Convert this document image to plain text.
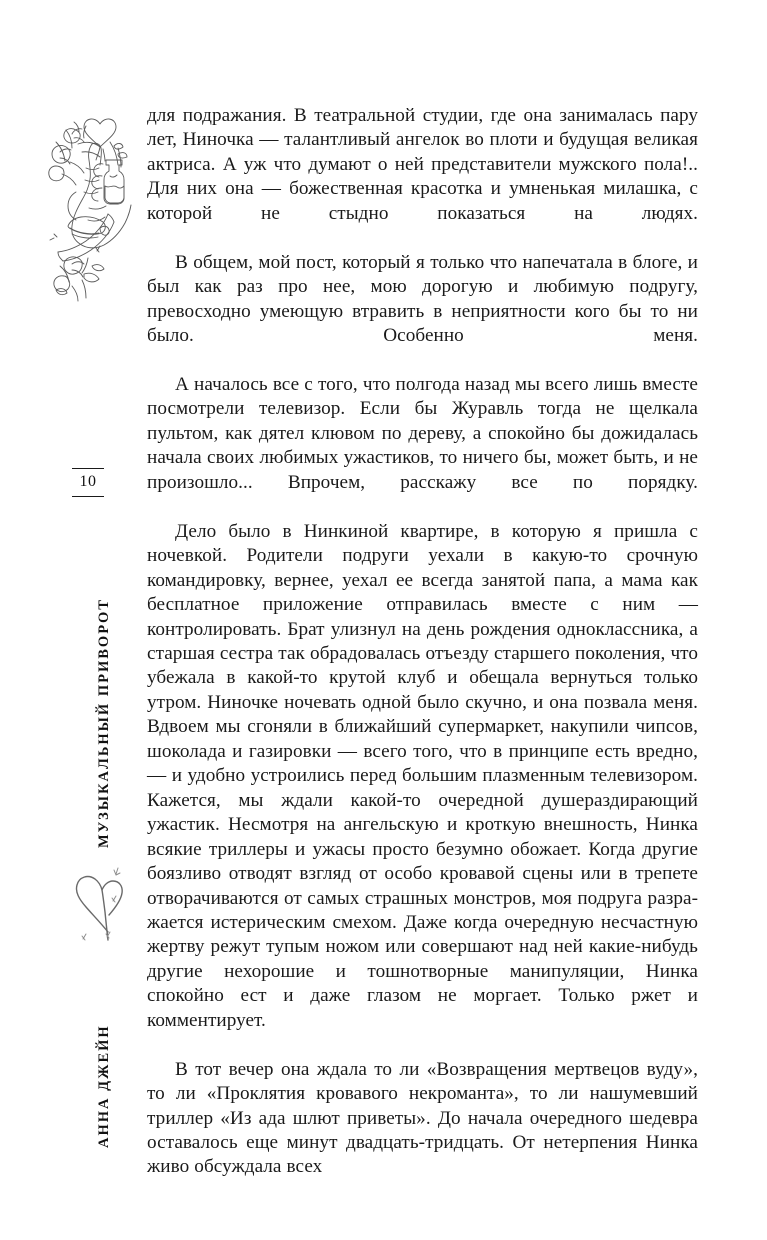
10
МУЗЫКАЛЬНЫЙ ПРИВОРОТ
АННА ДЖЕЙН

для подражания. В театральной студии, где она занималась пару лет, Ниночка — талантливый ангелок во плоти и будущая великая актриса. А уж что думают о ней представители мужского пола!.. Для них она — божественная красотка и умненькая милашка, с которой не стыдно показаться на людях.

В общем, мой пост, который я только что напечатала в блоге, и был как раз про нее, мою дорогую и любимую подругу, превосходно умеющую втравить в неприятности кого бы то ни было. Особенно меня.

А началось все с того, что полгода назад мы всего лишь вместе посмотрели телевизор. Если бы Журавль тогда не щелкала пультом, как дятел клювом по дереву, а спокойно бы дожидалась начала своих любимых ужастиков, то ничего бы, может быть, и не произошло... Впрочем, расскажу все по порядку.

Дело было в Нинкиной квартире, в которую я пришла с ночевкой. Родители подруги уехали в какую-то срочную командировку, вернее, уехал ее всегда занятой папа, а мама как бесплатное приложение отправилась вместе с ним — контролировать. Брат улизнул на день рождения одноклассника, а старшая сестра так обрадовалась отъезду старшего поколения, что убежала в какой-то крутой клуб и обещала вернуться только утром. Ниночке ночевать одной было скучно, и она позвала меня. Вдвоем мы сгоняли в ближайший супермаркет, накупили чипсов, шоколада и газировки — всего того, что в принципе есть вредно, — и удобно устроились перед большим плазменным телевизором. Кажется, мы ждали какой-то очередной душераздирающий ужастик. Несмотря на ангельскую и кроткую внешность, Нинка всякие триллеры и ужасы просто безумно обожает. Когда другие боязливо отводят взгляд от особо кровавой сцены или в трепете отворачиваются от самых страшных монстров, моя подруга разражается истерическим смехом. Даже когда очередную несчастную жертву режут тупым ножом или совершают над ней какие-нибудь другие нехорошие и тошнотворные манипуляции, Нинка спокойно ест и даже глазом не моргает. Только ржет и комментирует.

В тот вечер она ждала то ли «Возвращения мертвецов вуду», то ли «Проклятия кровавого некроманта», то ли нашумевший триллер «Из ада шлют приветы». До начала очередного шедевра оставалось еще минут двадцать-тридцать. От нетерпения Нинка живо обсуждала всех
